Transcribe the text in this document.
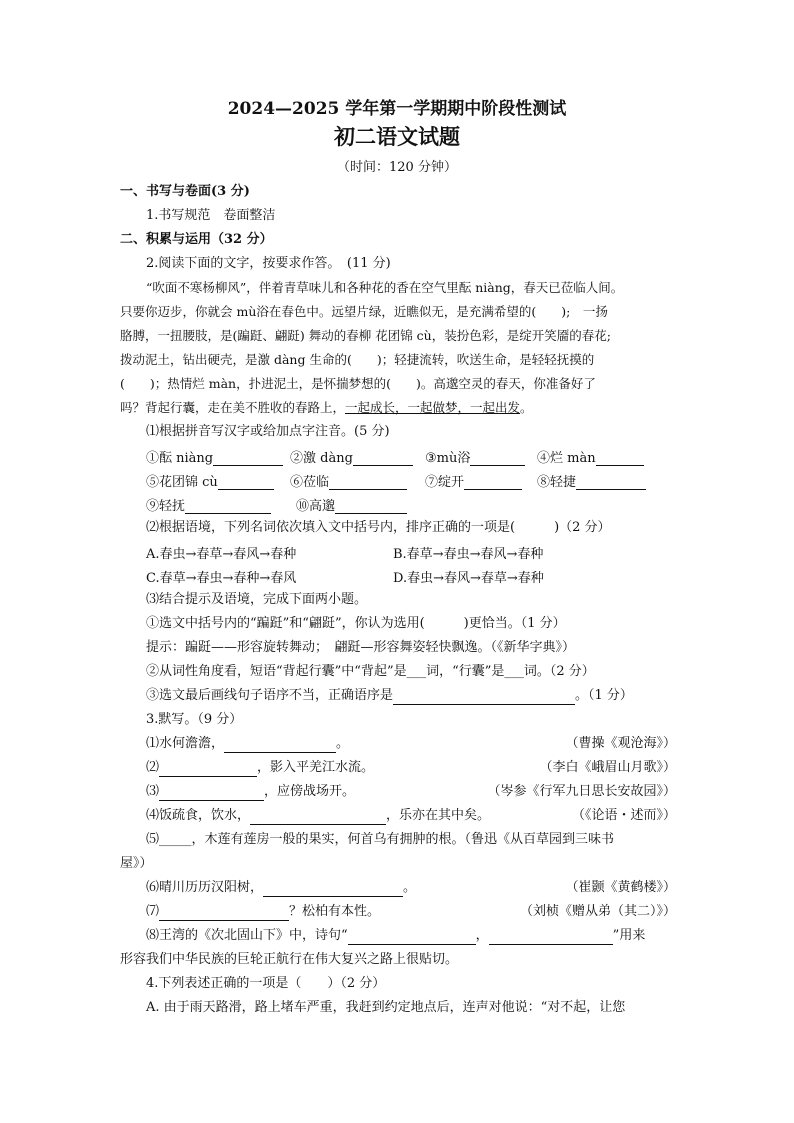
2024—2025 学年第一学期期中阶段性测试
初二语文试题
（时间：120 分钟）
一、书写与卷面(3 分)
1.书写规范　卷面整洁
二、积累与运用（32 分）
2.阅读下面的文字，按要求作答。　(11 分)
“吹面不寒杨柳风”，伴着青草味儿和各种花的香在空气里酝 niàng，春天已莅临人间。
只要你迈步，你就会 mù浴在春色中。远望片绿，近瞧似无，是充满希望的(　　);　一扬
胳膊，一扭腰肢，是(蹁跹、翩跹) 舞动的春柳 花团锦 cù，装扮色彩，是绽开笑靥的春花;
拨动泥土，钻出硬壳，是激 dàng 生命的(　　)；轻捷流转，吹送生命，是轻轻抚摸的
(　　)；热情烂 màn，扑进泥土，是怀揣梦想的(　　)。高邈空灵的春天，你准备好了
吗？背起行囊，走在美不胜收的春路上，一起成长，一起做梦，一起出发。
⑴根据拼音写汉字或给加点字注音。(5 分)
①酝 niàng	②激 dàng	③mù浴	④烂 màn
⑤花团锦 cù	⑥莅临	⑦绽开	⑧轻捷
⑨轻抚	⑩高邈
⑵根据语境，下列名词依次填入文中括号内，排序正确的一项是(　　　)（2 分）
A.春虫→春草→春风→春种	B.春草→春虫→春风→春种
C.春草→春虫→春种→春风	D.春虫→春风→春草→春种
⑶结合提示及语境，完成下面两小题。
①选文中括号内的“蹁跹”和“翩跹”，你认为选用(　　　)更恰当。（1 分）
提示：蹁跹——形容旋转舞动；　翩跹—形容舞姿轻快飘逸。（《新华字典》）
②从词性角度看，短语“背起行囊”中“背起”是___词，“行囊”是___词。（2 分）
③选文最后画线句子语序不当，正确语序是	。（1 分）
3.默写。（9 分）
⑴水何澹澹，	。	（曹操《观沧海》）
⑵	，影入平羌江水流。	（李白《峨眉山月歌》）
⑶	，应傍战场开。	（岑参《行军九日思长安故园》）
⑷饭疏食，饮水，	，乐亦在其中矣。	（《论语・述而》）
⑸_____，木莲有莲房一般的果实，何首乌有拥肿的根。（鲁迅《从百草园到三味书
屋》）
⑹晴川历历汉阳树，	。	（崔颢《黄鹤楼》）
⑺	？松柏有本性。	（刘桢《赠从弟（其二）》）
⑻王湾的《次北固山下》中，诗句“	，	”用来
形容我们中华民族的巨轮正航行在伟大复兴之路上很贴切。
4.下列表述正确的一项是（　　）（2 分）
A. 由于雨天路滑，路上堵车严重，我赶到约定地点后，连声对他说：“对不起，让您
